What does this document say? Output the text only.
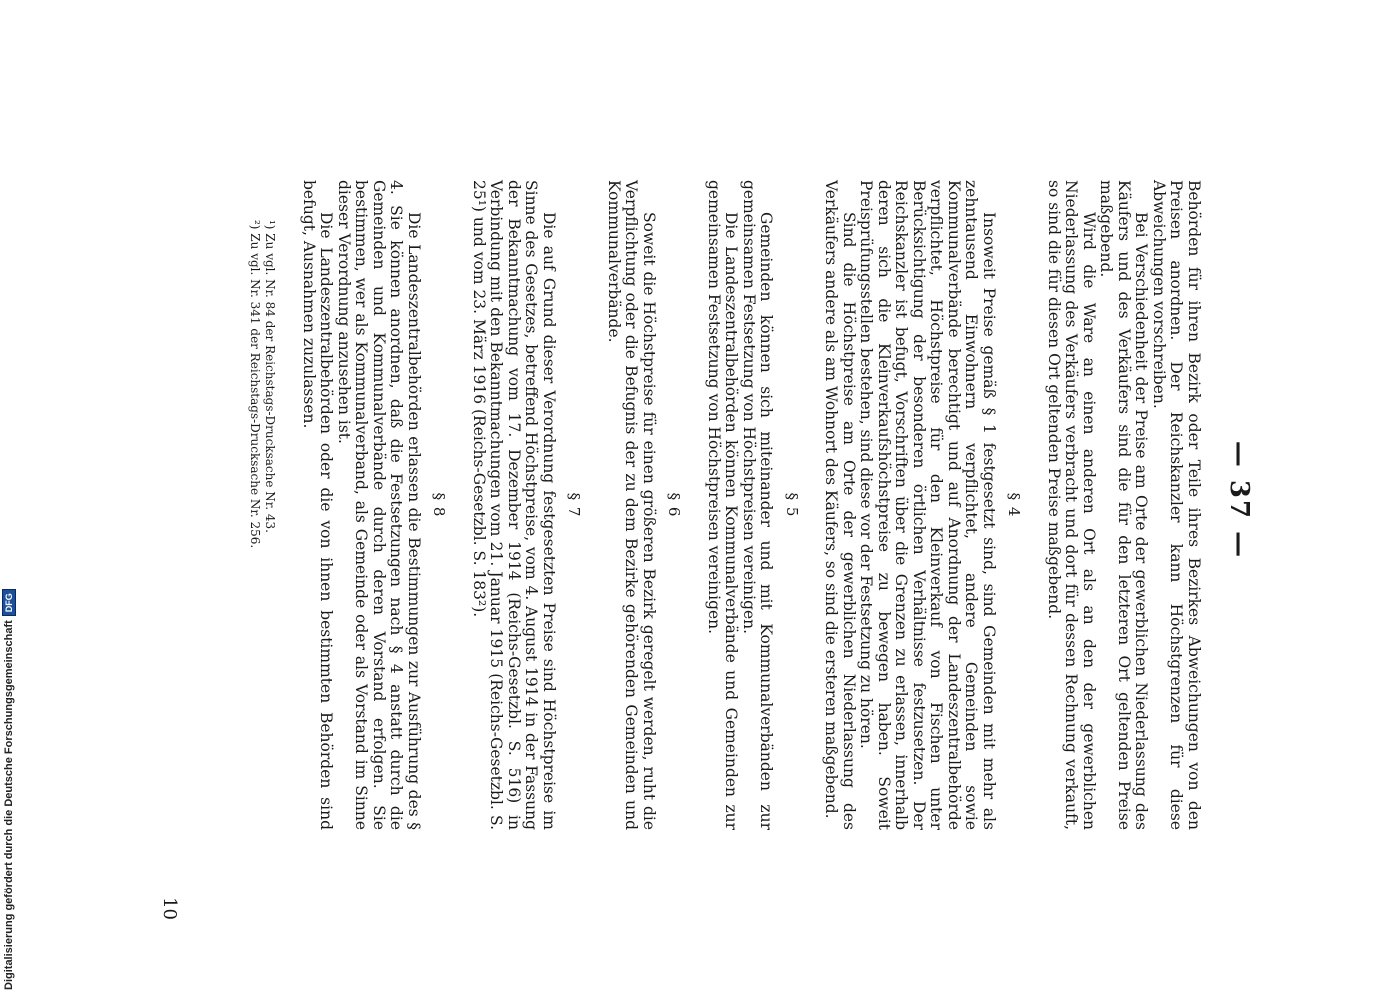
Digitalisierung gefördert durch die Deutsche Forschungsgemeinschaft
DFG
— 37 —

Behörden für ihren Bezirk oder Teile ihres Bezirkes Abweichungen von den Preisen anordnen. Der Reichskanzler kann Höchstgrenzen für diese Abweichungen vorschreiben.

Bei Verschiedenheit der Preise am Orte der gewerblichen Niederlassung des Käufers und des Verkäufers sind die für den letzteren Ort geltenden Preise maßgebend.

Wird die Ware an einen anderen Ort als an den der gewerblichen Niederlassung des Verkäufers verbracht und dort für dessen Rechnung verkauft, so sind die für diesen Ort geltenden Preise maßgebend.

§ 4

Insoweit Preise gemäß § 1 festgesetzt sind, sind Gemeinden mit mehr als zehntausend Einwohnern verpflichtet, andere Gemeinden sowie Kommunalverbände berechtigt und auf Anordnung der Landeszentralbehörde verpflichtet, Höchstpreise für den Kleinverkauf von Fischen unter Berücksichtigung der besonderen örtlichen Verhältnisse festzusetzen. Der Reichskanzler ist befugt, Vorschriften über die Grenzen zu erlassen, innerhalb deren sich die Kleinverkaufshöchstpreise zu bewegen haben. Soweit Preisprüfungsstellen bestehen, sind diese vor der Festsetzung zu hören.

Sind die Höchstpreise am Orte der gewerblichen Niederlassung des Verkäufers andere als am Wohnort des Käufers, so sind die ersteren maßgebend.

§ 5

Gemeinden können sich miteinander und mit Kommunalverbänden zur gemeinsamen Festsetzung von Höchstpreisen vereinigen.

Die Landeszentralbehörden können Kommunalverbände und Gemeinden zur gemeinsamen Festsetzung von Höchstpreisen vereinigen.

§ 6

Soweit die Höchstpreise für einen größeren Bezirk geregelt werden, ruht die Verpflichtung oder die Befugnis der zu dem Bezirke gehörenden Gemeinden und Kommunalverbände.

§ 7

Die auf Grund dieser Verordnung festgesetzten Preise sind Höchstpreise im Sinne des Gesetzes, betreffend Höchstpreise, vom 4. August 1914 in der Fassung der Bekanntmachung vom 17. Dezember 1914 (Reichs-Gesetzbl. S. 516) in Verbindung mit den Bekanntmachungen vom 21. Januar 1915 (Reichs-Gesetzbl. S. 25¹) und vom 23. März 1916 (Reichs-Gesetzbl. S. 183²).

§ 8

Die Landeszentralbehörden erlassen die Bestimmungen zur Ausführung des § 4. Sie können anordnen, daß die Festsetzungen nach § 4 anstatt durch die Gemeinden und Kommunalverbände durch deren Vorstand erfolgen. Sie bestimmen, wer als Kommunalverband, als Gemeinde oder als Vorstand im Sinne dieser Verordnung anzusehen ist.

Die Landeszentralbehörden oder die von ihnen bestimmten Behörden sind befugt, Ausnahmen zuzulassen.

¹) Zu vgl. Nr. 84 der Reichstags-Drucksache Nr. 43.

²) Zu vgl. Nr. 341 der Reichstags-Drucksache Nr. 256.

10
